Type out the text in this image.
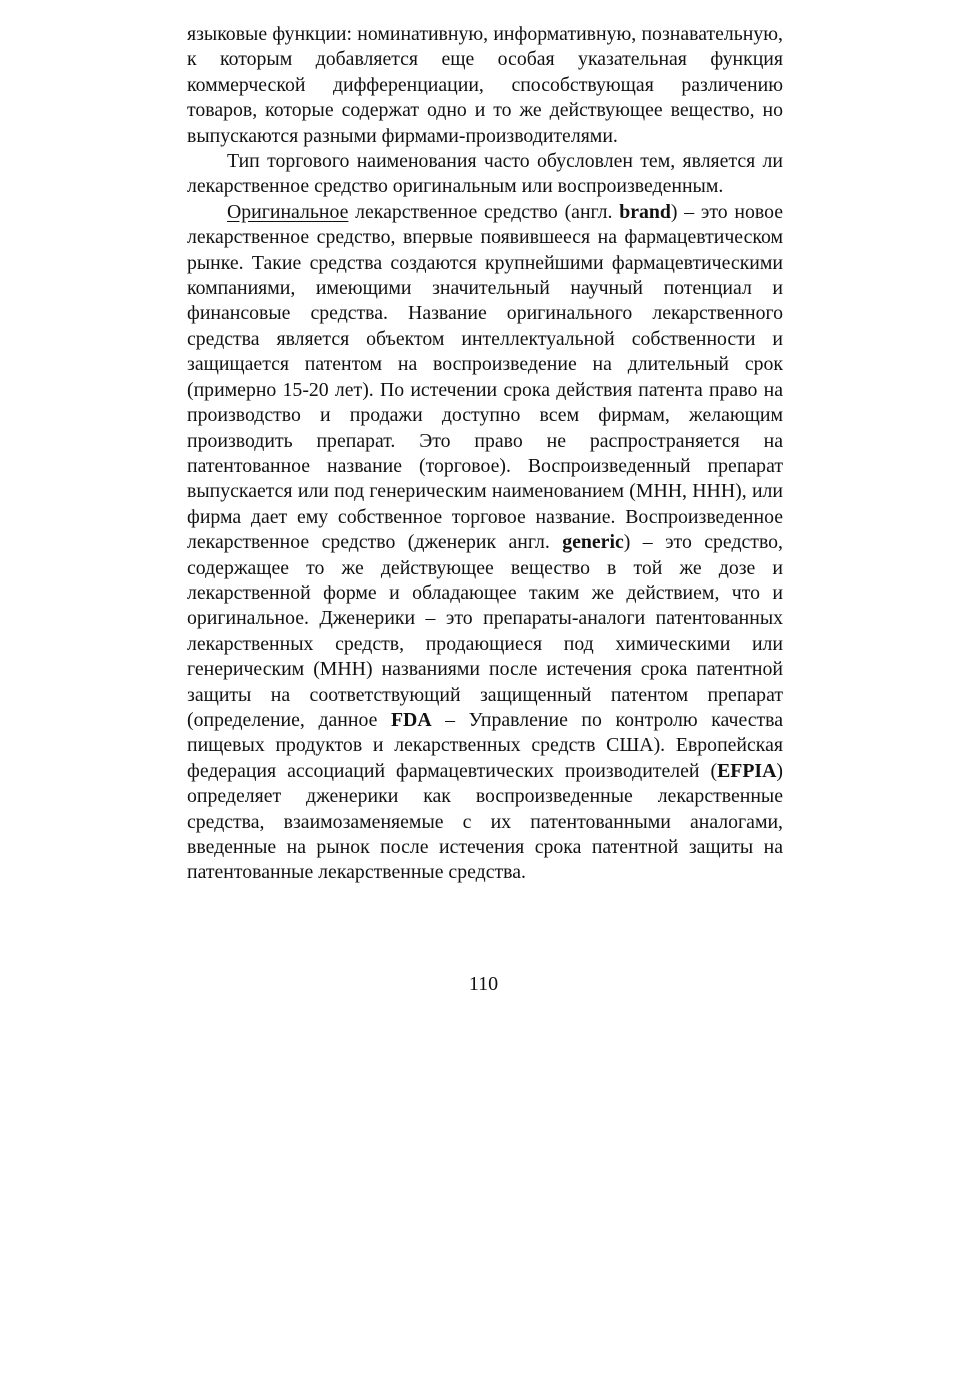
языковые функции: номинативную, информативную, познавательную, к которым добавляется еще особая указательная функция коммерческой дифференциации, способствующая различению товаров, которые содержат одно и то же действующее вещество, но выпускаются разными фирмами-производителями.

Тип торгового наименования часто обусловлен тем, является ли лекарственное средство оригинальным или воспроизведенным.

Оригинальное лекарственное средство (англ. brand) – это новое лекарственное средство, впервые появившееся на фармацевтическом рынке. Такие средства создаются крупнейшими фармацевтическими компаниями, имеющими значительный научный потенциал и финансовые средства. Название оригинального лекарственного средства является объектом интеллектуальной собственности и защищается патентом на воспроизведение на длительный срок (примерно 15-20 лет). По истечении срока действия патента право на производство и продажи доступно всем фирмам, желающим производить препарат. Это право не распространяется на патентованное название (торговое). Воспроизведенный препарат выпускается или под генерическим наименованием (МНН, ННН), или фирма дает ему собственное торговое название. Воспроизведенное лекарственное средство (дженерик англ. generic) – это средство, содержащее то же действующее вещество в той же дозе и лекарственной форме и обладающее таким же действием, что и оригинальное. Дженерики – это препараты-аналоги патентованных лекарственных средств, продающиеся под химическими или генерическим (МНН) названиями после истечения срока патентной защиты на соответствующий защищенный патентом препарат (определение, данное FDA – Управление по контролю качества пищевых продуктов и лекарственных средств США). Европейская федерация ассоциаций фармацевтических производителей (EFPIA) определяет дженерики как воспроизведенные лекарственные средства, взаимозаменяемые с их патентованными аналогами, введенные на рынок после истечения срока патентной защиты на патентованные лекарственные средства.

110
